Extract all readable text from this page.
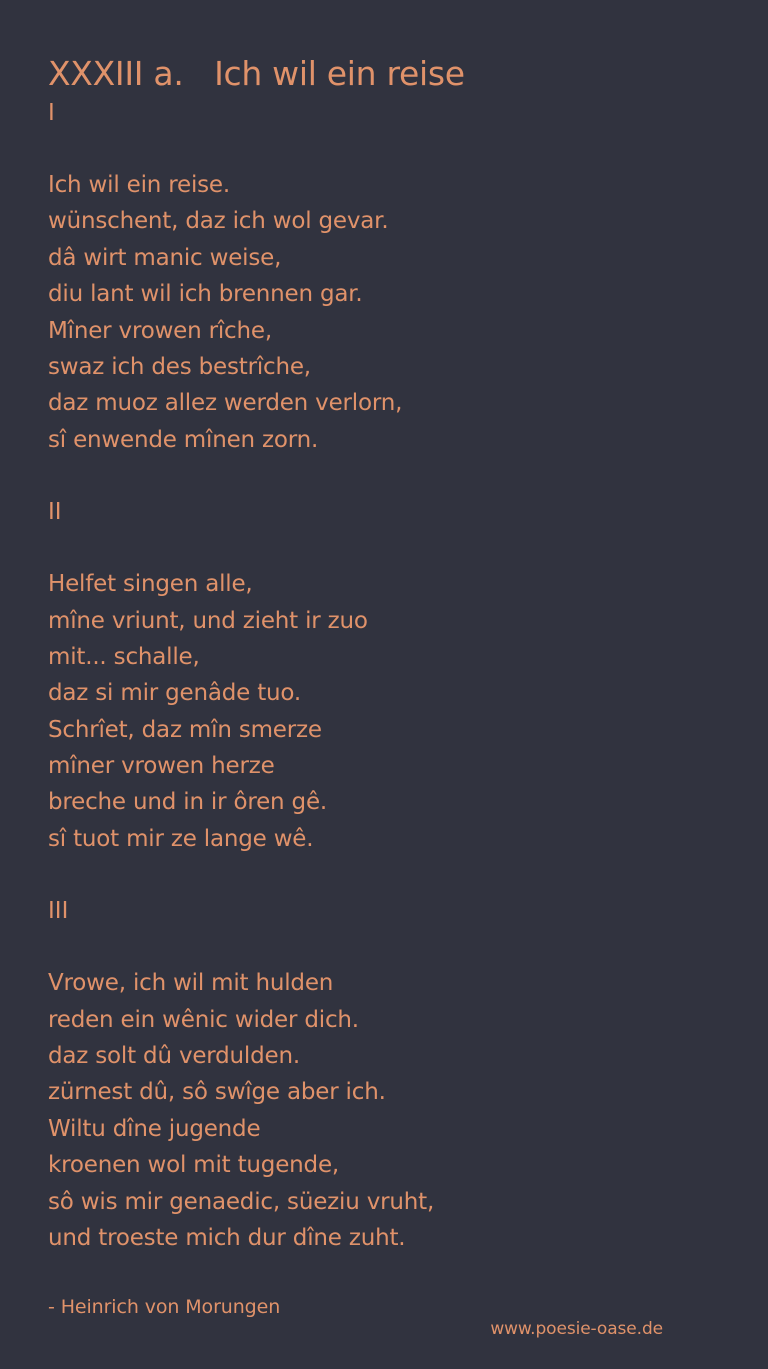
XXXIII a.   Ich wil ein reise
I
Ich wil ein reise.
wünschent, daz ich wol gevar.
dâ wirt manic weise,
diu lant wil ich brennen gar.
Mîner vrowen rîche,
swaz ich des bestrîche,
daz muoz allez werden verlorn,
sî enwende mînen zorn.
II
Helfet singen alle,
mîne vriunt, und zieht ir zuo
mit... schalle,
daz si mir genâde tuo.
Schrîet, daz mîn smerze
mîner vrowen herze
breche und in ir ôren gê.
sî tuot mir ze lange wê.
III
Vrowe, ich wil mit hulden
reden ein wênic wider dich.
daz solt dû verdulden.
zürnest dû, sô swîge aber ich.
Wiltu dîne jugende
kroenen wol mit tugende,
sô wis mir genaedic, süeziu vruht,
und troeste mich dur dîne zuht.
- Heinrich von Morungen
www.poesie-oase.de
